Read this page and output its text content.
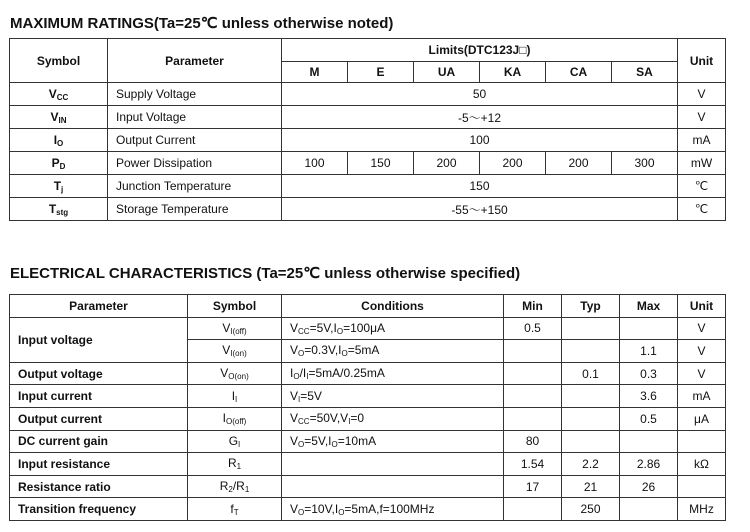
MAXIMUM RATINGS(Ta=25℃ unless otherwise noted)
Symbol	Parameter	Limits(DTC123J□)						Unit
		M	E	UA	KA	CA	SA	
$V_{CC}$	Supply Voltage	50						V
$V_{IN}$	Input Voltage	-5～+12						V
$I_O$	Output Current	100						mA
$P_D$	Power Dissipation	100	150	200	200	200	300	mW
$T_j$	Junction Temperature	150						℃
$T_{stg}$	Storage Temperature	-55～+150						℃
ELECTRICAL CHARACTERISTICS (Ta=25℃ unless otherwise specified)
Parameter	Symbol	Conditions	Min	Typ	Max	Unit
Input voltage	$V_{I(off)}$	$V_{CC}=5V,I_O=100\mu A$	0.5			V
	$V_{I(on)}$	$V_O=0.3V,I_O=5mA$			1.1	V
Output voltage	$V_{O(on)}$	$I_O/I_I=5mA/0.25mA$		0.1	0.3	V
Input current	$I_I$	$V_I=5V$			3.6	mA
Output current	$I_{O(off)}$	$V_{CC}=50V,V_I=0$			0.5	μA
DC current gain	$G_I$	$V_O=5V,I_O=10mA$	80			
Input resistance	$R_1$		1.54	2.2	2.86	kΩ
Resistance ratio	$R_2/R_1$		17	21	26	
Transition frequency	$f_T$	$V_O=10V,I_O=5mA,f=100MHz$		250		MHz
